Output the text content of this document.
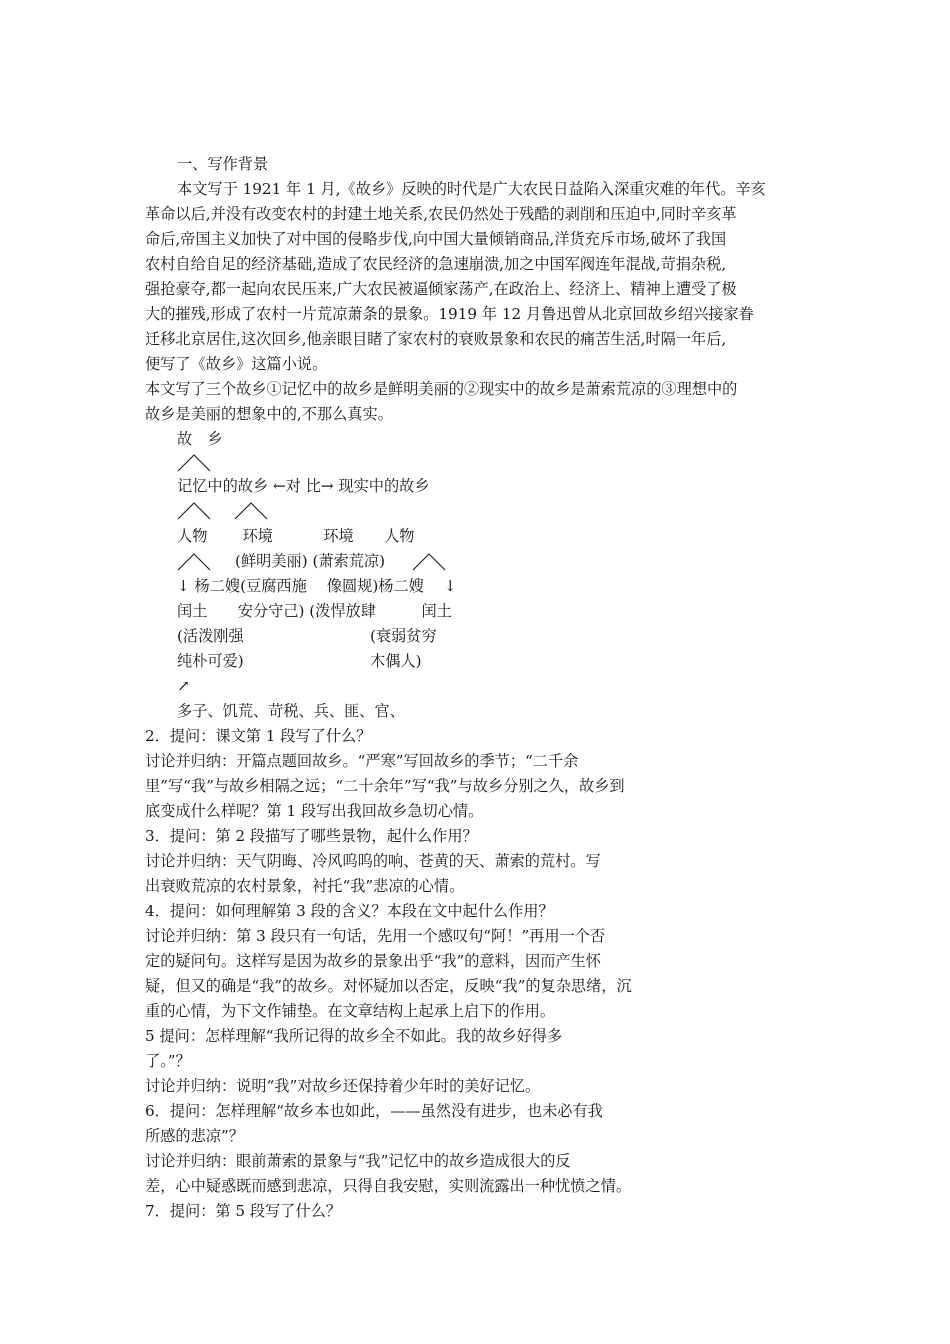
一、写作背景
本文写于 1921 年 1 月,《故乡》反映的时代是广大农民日益陷入深重灾难的年代。辛亥
革命以后,并没有改变农村的封建土地关系,农民仍然处于残酷的剥削和压迫中,同时辛亥革
命后,帝国主义加快了对中国的侵略步伐,向中国大量倾销商品,洋货充斥市场,破坏了我国
农村自给自足的经济基础,造成了农民经济的急速崩溃,加之中国军阀连年混战,苛捐杂税,
强抢豪夺,都一起向农民压来,广大农民被逼倾家荡产,在政治上、经济上、精神上遭受了极
大的摧残,形成了农村一片荒凉萧条的景象。1919 年 12 月鲁迅曾从北京回故乡绍兴接家眷
迁移北京居住,这次回乡,他亲眼目睹了家农村的衰败景象和农民的痛苦生活,时隔一年后,
便写了《故乡》这篇小说。
本文写了三个故乡①记忆中的故乡是鲜明美丽的②现实中的故乡是萧索荒凉的③理想中的
故乡是美丽的想象中的,不那么真实。
故　乡
记忆中的故乡 ←对 比→ 现实中的故乡
人物　　 环境　　　 环境　　人物
　 (鲜明美丽) (萧索荒凉)
↓ 杨二嫂(豆腐西施　 像圆规)杨二嫂　 ↓
闰土　　安分守己) (泼悍放肆　　　闰土
(活泼刚强　　　　　　　　 (衰弱贫穷
纯朴可爱)　　　　　　　　 木偶人)
↗
多子、饥荒、苛税、兵、匪、官、
2．提问：课文第 1 段写了什么？
讨论并归纳：开篇点题回故乡。“严寒”写回故乡的季节；“二千余
里”写“我”与故乡相隔之远；“二十余年”写“我”与故乡分别之久，故乡到
底变成什么样呢？第 1 段写出我回故乡急切心情。
3．提问：第 2 段描写了哪些景物，起什么作用？
讨论并归纳：天气阴晦、冷风呜呜的响、苍黄的天、萧索的荒村。写
出衰败荒凉的农村景象，衬托“我”悲凉的心情。
4．提问：如何理解第 3 段的含义？本段在文中起什么作用？
讨论并归纳：第 3 段只有一句话，先用一个感叹句“阿！”再用一个否
定的疑问句。这样写是因为故乡的景象出乎“我”的意料，因而产生怀
疑，但又的确是“我”的故乡。对怀疑加以否定，反映“我”的复杂思绪，沉
重的心情，为下文作铺垫。在文章结构上起承上启下的作用。
5 提问：怎样理解“我所记得的故乡全不如此。我的故乡好得多
了。”？
讨论并归纳：说明“我”对故乡还保持着少年时的美好记忆。
6．提问：怎样理解“故乡本也如此，——虽然没有进步，也未必有我
所感的悲凉”？
讨论并归纳：眼前萧索的景象与“我”记忆中的故乡造成很大的反
差，心中疑惑既而感到悲凉，只得自我安慰，实则流露出一种忧愤之情。
7．提问：第 5 段写了什么？
